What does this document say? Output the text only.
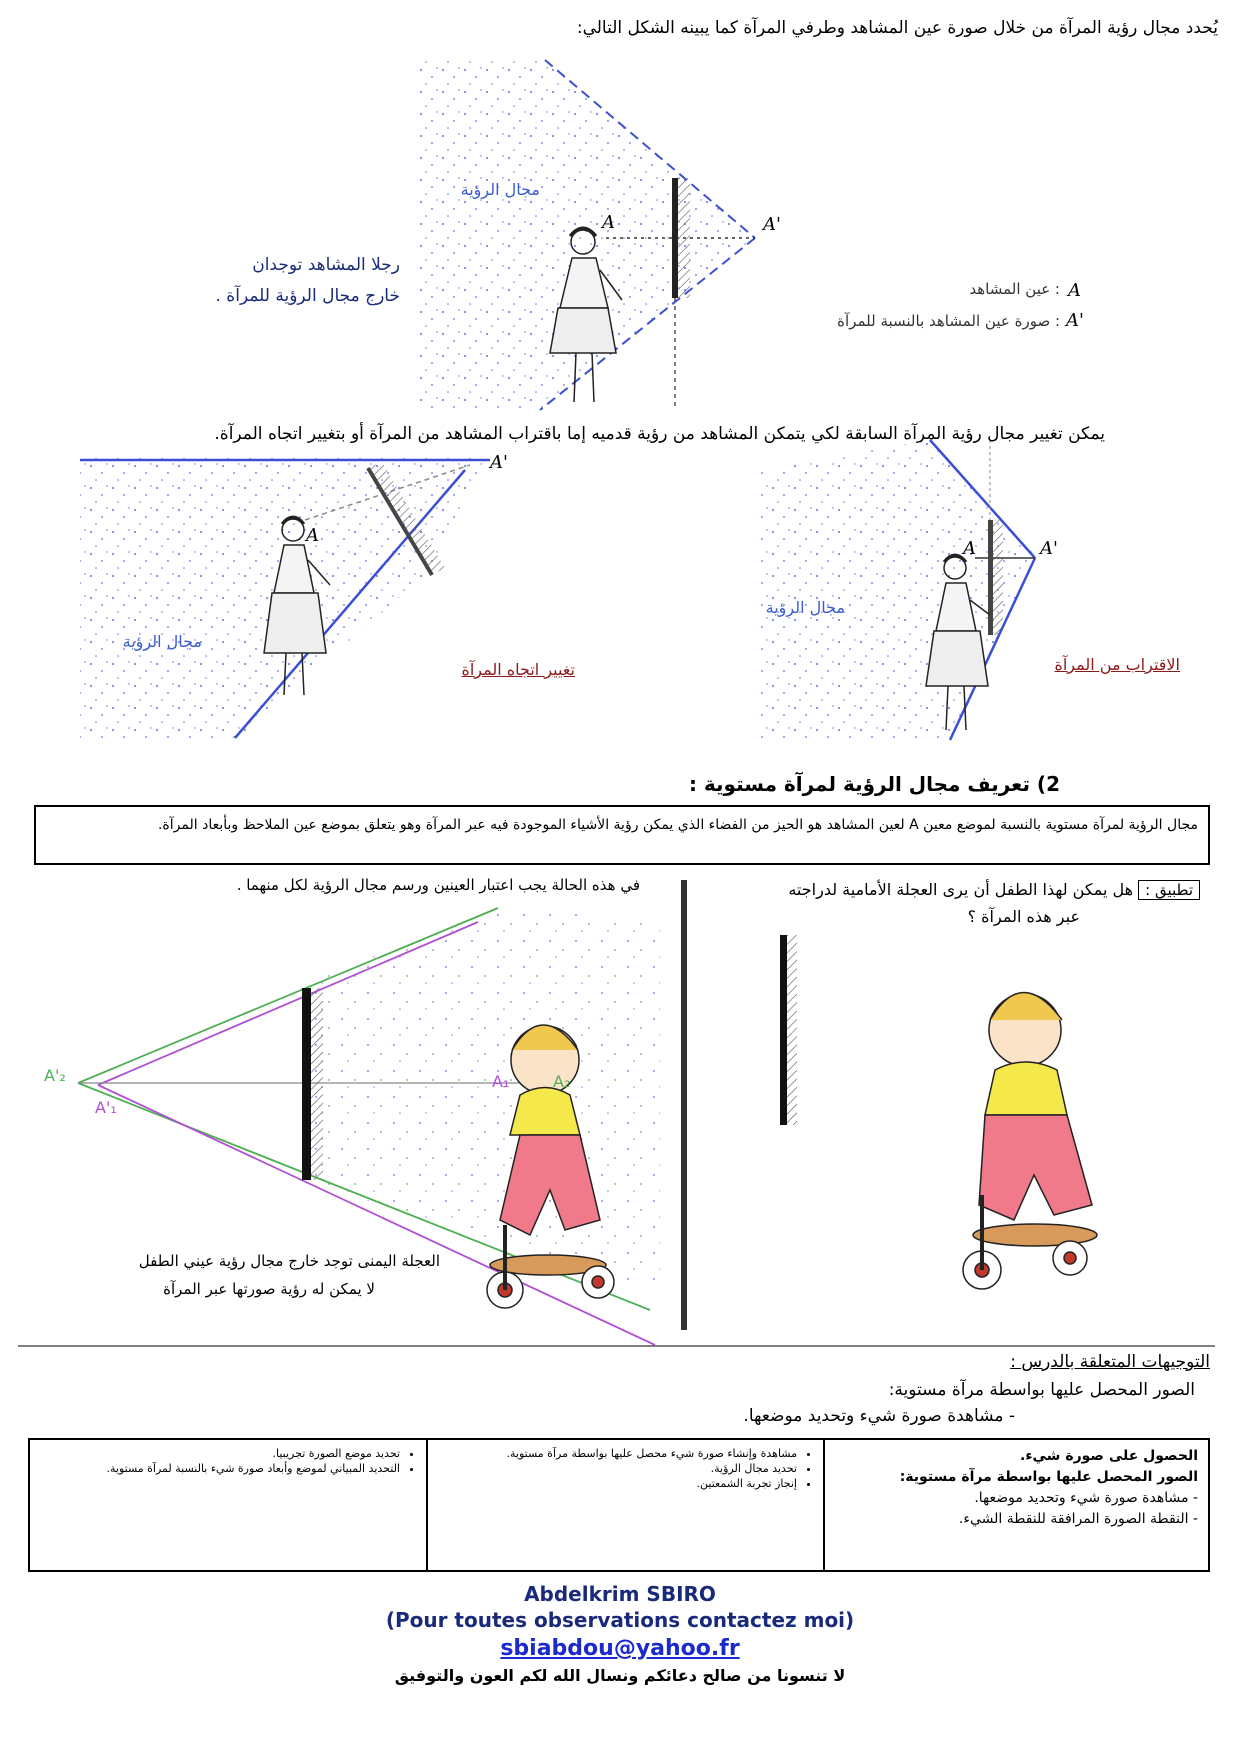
يُحدد مجال رؤية المرآة من خلال صورة عين المشاهد وطرفي المرآة كما يبينه الشكل التالي:
مجال الرؤية
رجلا المشاهد توجدان
خارج مجال الرؤية للمرآة .
A	A'
A
: عين المشاهد
A'
: صورة عين المشاهد بالنسبة للمرآة
يمكن تغيير مجال رؤية المرآة السابقة لكي يتمكن المشاهد من رؤية قدميه إما باقتراب المشاهد من المرآة أو بتغيير اتجاه المرآة.
مجال الرؤية
تغيير اتجاه المرآة
A
A'
مجال الرؤية
الاقتراب من المرآة
A	A'
2) تعريف مجال الرؤية لمرآة مستوية :
مجال الرؤية لمرآة مستوية بالنسبة لموضع معين A لعين المشاهد هو الحيز من الفضاء الذي يمكن رؤية الأشياء الموجودة فيه عبر المرآة وهو يتعلق بموضع عين الملاحظ وبأبعاد المرآة.
تطبيق : هل يمكن لهذا الطفل أن يرى العجلة الأمامية لدراجته
عبر هذه المرآة ؟
في هذه الحالة يجب اعتبار العينين ورسم مجال الرؤية لكل منهما .
A'₂
A'₁
A₁	A₂
العجلة اليمنى توجد خارج مجال رؤية عيني الطفل
لا يمكن له رؤية صورتها عبر المرآة
التوجيهات المتعلقة بالدرس :
الصور المحصل عليها بواسطة مرآة مستوية:
- مشاهدة صورة شيء وتحديد موضعها.
الحصول على صورة شيء.
الصور المحصل عليها بواسطة مرآة مستوية:
- مشاهدة صورة شيء وتحديد موضعها.
- النقطة الصورة المرافقة للنقطة الشيء.
• مشاهدة وإنشاء صورة شيء محصل عليها بواسطة مرآة مستوية.
• تحديد مجال الرؤية.
• إنجاز تجربة الشمعتين.
• تحديد موضع الصورة تجريبيا.
• التحديد المبياني لموضع وأبعاد صورة شيء بالنسبة لمرآة مستوية.
Abdelkrim SBIRO
(Pour toutes observations contactez moi)
sbiabdou@yahoo.fr
لا تنسونا من صالح دعائكم ونسال الله لكم العون والتوفيق
